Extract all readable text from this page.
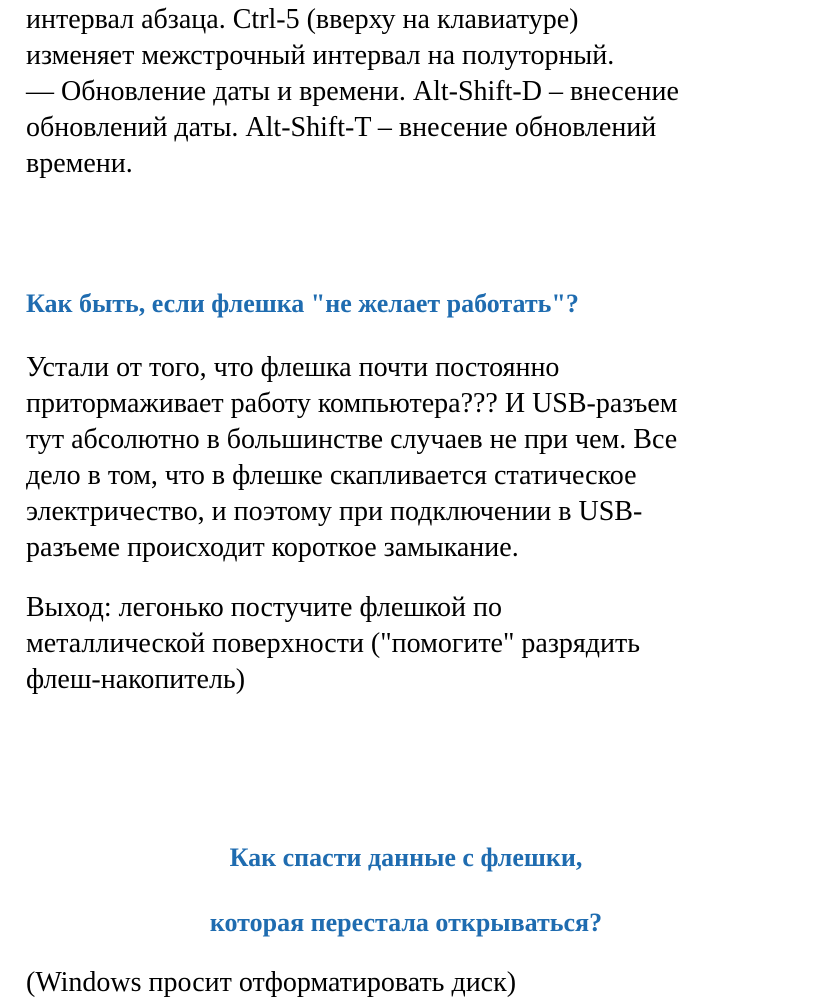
интервал абзаца. Ctrl-5 (вверху на клавиатуре)
изменяет межстрочный интервал на полуторный.
— Обновление даты и времени. Alt-Shift-D – внесение
обновлений даты. Alt-Shift-T – внесение обновлений
времени.
Как быть, если флешка "не желает работать"?
Устали от того, что флешка почти постоянно
притормаживает работу компьютера??? И USB-разъем
тут абсолютно в большинстве случаев не при чем. Все
дело в том, что в флешке скапливается статическое
электричество, и поэтому при подключении в USB-
разъеме происходит короткое замыкание.
Выход: легонько постучите флешкой по
металлической поверхности ("помогите" разрядить
флеш-накопитель)
Как спасти данные с флешки,
которая перестала открываться?
(Windows просит отформатировать диск)
